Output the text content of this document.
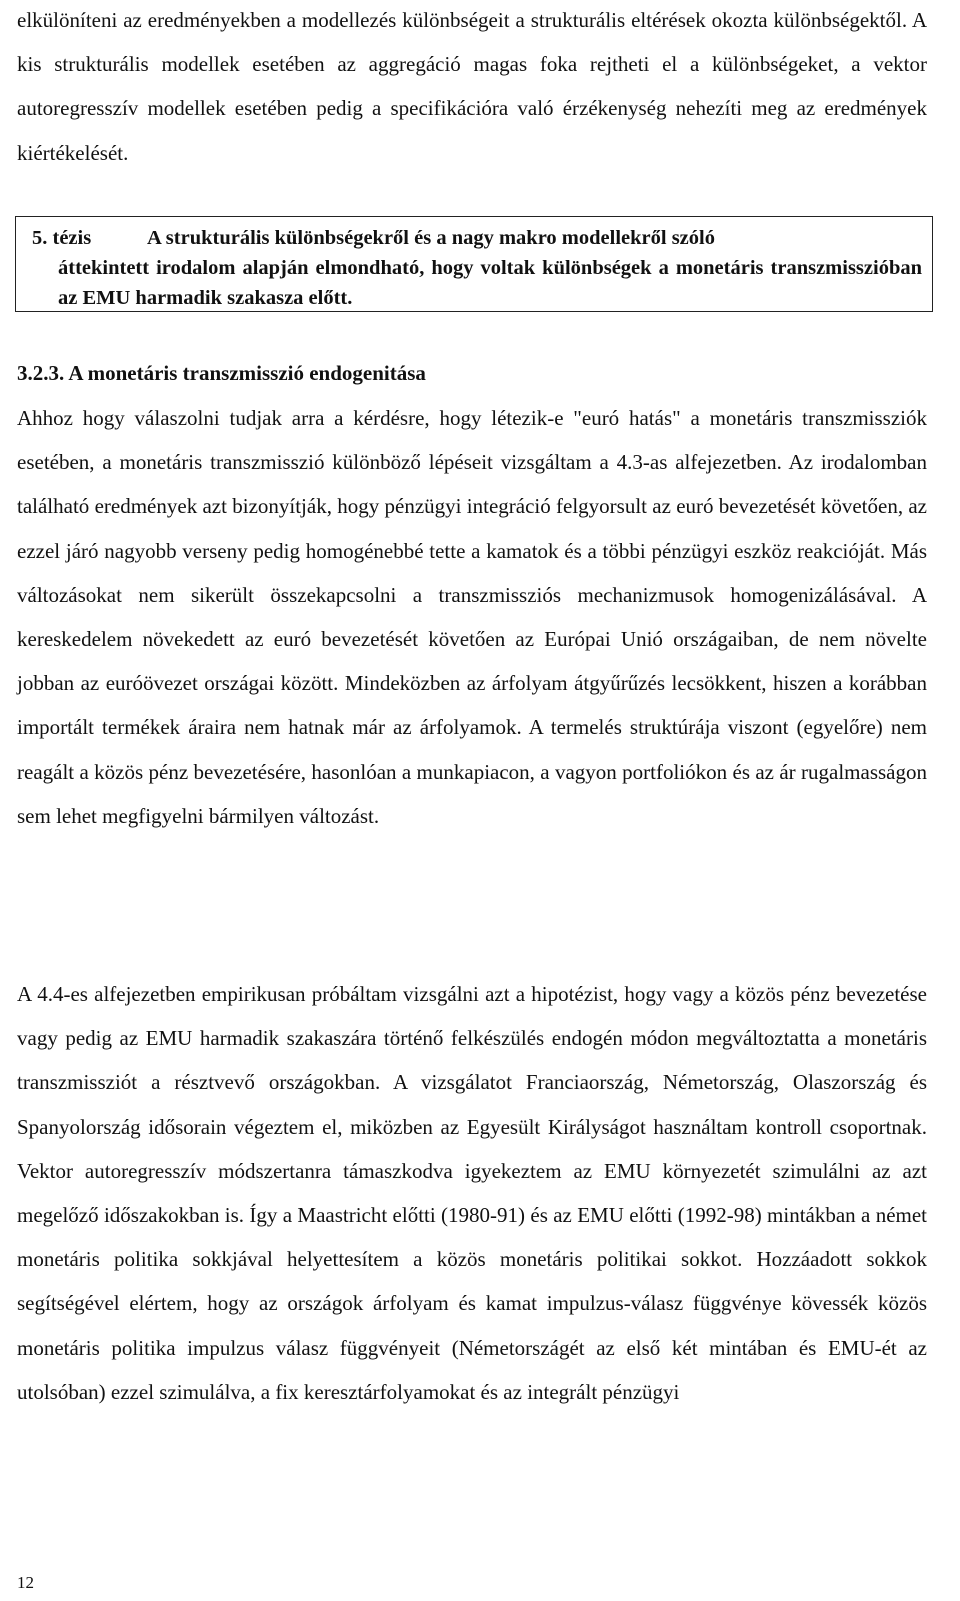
elkülöníteni az eredményekben a modellezés különbségeit a strukturális eltérések okozta különbségektől. A kis strukturális modellek esetében az aggregáció magas foka rejtheti el a különbségeket, a vektor autoregresszív modellek esetében pedig a specifikációra való érzékenység nehezíti meg az eredmények kiértékelését.

5. tézis	A strukturális különbségekről és a nagy makro modellekről szóló
áttekintett irodalom alapján elmondható, hogy voltak különbségek a monetáris transzmisszióban az EMU harmadik szakasza előtt.
3.2.3. A monetáris transzmisszió endogenitása

Ahhoz hogy válaszolni tudjak arra a kérdésre, hogy létezik-e "euró hatás" a monetáris transzmissziók esetében, a monetáris transzmisszió különböző lépéseit vizsgáltam a 4.3-as alfejezetben. Az irodalomban található eredmények azt bizonyítják, hogy pénzügyi integráció felgyorsult az euró bevezetését követően, az ezzel járó nagyobb verseny pedig homogénebbé tette a kamatok és a többi pénzügyi eszköz reakcióját. Más változásokat nem sikerült összekapcsolni a transzmissziós mechanizmusok homogenizálásával. A kereskedelem növekedett az euró bevezetését követően az Európai Unió országaiban, de nem növelte jobban az euróövezet országai között. Mindeközben az árfolyam átgyűrűzés lecsökkent, hiszen a korábban importált termékek áraira nem hatnak már az árfolyamok. A termelés struktúrája viszont (egyelőre) nem reagált a közös pénz bevezetésére, hasonlóan a munkapiacon, a vagyon portfoliókon és az ár rugalmasságon sem lehet megfigyelni bármilyen változást.

A 4.4-es alfejezetben empirikusan próbáltam vizsgálni azt a hipotézist, hogy vagy a közös pénz bevezetése vagy pedig az EMU harmadik szakaszára történő felkészülés endogén módon megváltoztatta a monetáris transzmissziót a résztvevő országokban. A vizsgálatot Franciaország, Németország, Olaszország és Spanyolország idősorain végeztem el, miközben az Egyesült Királyságot használtam kontroll csoportnak. Vektor autoregresszív módszertanra támaszkodva igyekeztem az EMU környezetét szimulálni az azt megelőző időszakokban is. Így a Maastricht előtti (1980-91) és az EMU előtti (1992-98) mintákban a német monetáris politika sokkjával helyettesítem a közös monetáris politikai sokkot. Hozzáadott sokkok segítségével elértem, hogy az országok árfolyam és kamat impulzus-válasz függvénye kövessék közös monetáris politika impulzus válasz függvényeit (Németországét az első két mintában és EMU-ét az utolsóban) ezzel szimulálva, a fix keresztárfolyamokat és az integrált pénzügyi

12
